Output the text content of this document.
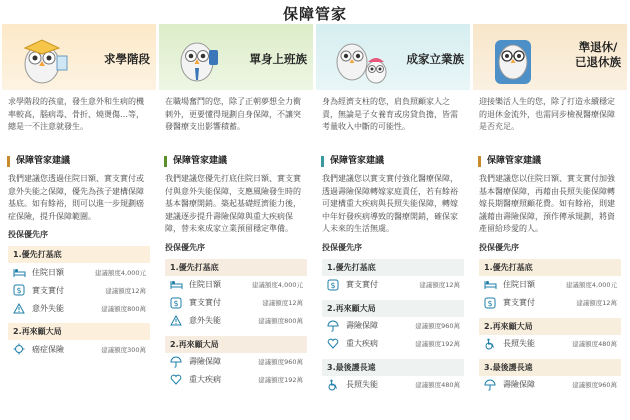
保障管家
求學階段
求學階段的孩童，發生意外和生病的機率較高，腦病毒、骨折、燒燙傷…等，總是一不注意就發生。
保障管家建議
我們建議您透過住院日額、實支實付或意外失能之保障，優先為孩子建構保障基底。如有餘裕，則可以進一步規劃癌症保險，提升保障範圍。
投保優先序
1.優先打基底
住院日額	建議額度4,000元
$ 實支實付	建議額度12萬
意外失能	建議額度800萬
2.再來顧大局
癌症保險	建議額度300萬
單身上班族
在職場奮鬥的您，除了正朝夢想全力衝刺外，更要懂得規劃自身保障，不讓突發醫療支出影響積蓄。
保障管家建議
我們建議您優先打底住院日額、實支實付與意外失能保障，支應風險發生時的基本醫療開銷。築起基礎經濟能力後，建議逐步提升壽險保障與重大疾病保障，替未來成家立業預留穩定準備。
投保優先序
1.優先打基底
住院日額	建議額度4,000元
$ 實支實付	建議額度12萬
意外失能	建議額度800萬
2.再來顧大局
壽險保障	建議額度960萬
重大疾病	建議額度192萬
成家立業族
身為經濟支柱的您，肩負照顧家人之責，無論是子女養育或房貸負擔，皆需考量收入中斷的可能性。
保障管家建議
我們建議您以實支實付強化醫療保障，透過壽險保障轉嫁家庭責任，若有餘裕可建構重大疾病與長照失能保障，轉嫁中年好發疾病導致的醫療開銷，確保家人未來的生活無虞。
投保優先序
1.優先打基底
$ 實支實付	建議額度12萬
2.再來顧大局
壽險保障	建議額度960萬
重大疾病	建議額度192萬
3.最後護長遠
長照失能	建議額度480萬
準退休/
已退休族
迎接樂活人生的您，除了打造永續穩定的退休金流外，也需同步檢視醫療保障是否充足。
保障管家建議
我們建議您以住院日額、實支實付加強基本醫療保障，再藉由長照失能保障轉嫁長期醫療照顧花費。如有餘裕，則建議藉由壽險保障，預作傳承規劃，將資產留給珍愛的人。
投保優先序
1.優先打基底
住院日額	建議額度4,000元
$ 實支實付	建議額度12萬
2.再來顧大局
長照失能	建議額度480萬
3.最後護長遠
壽險保障	建議額度960萬
